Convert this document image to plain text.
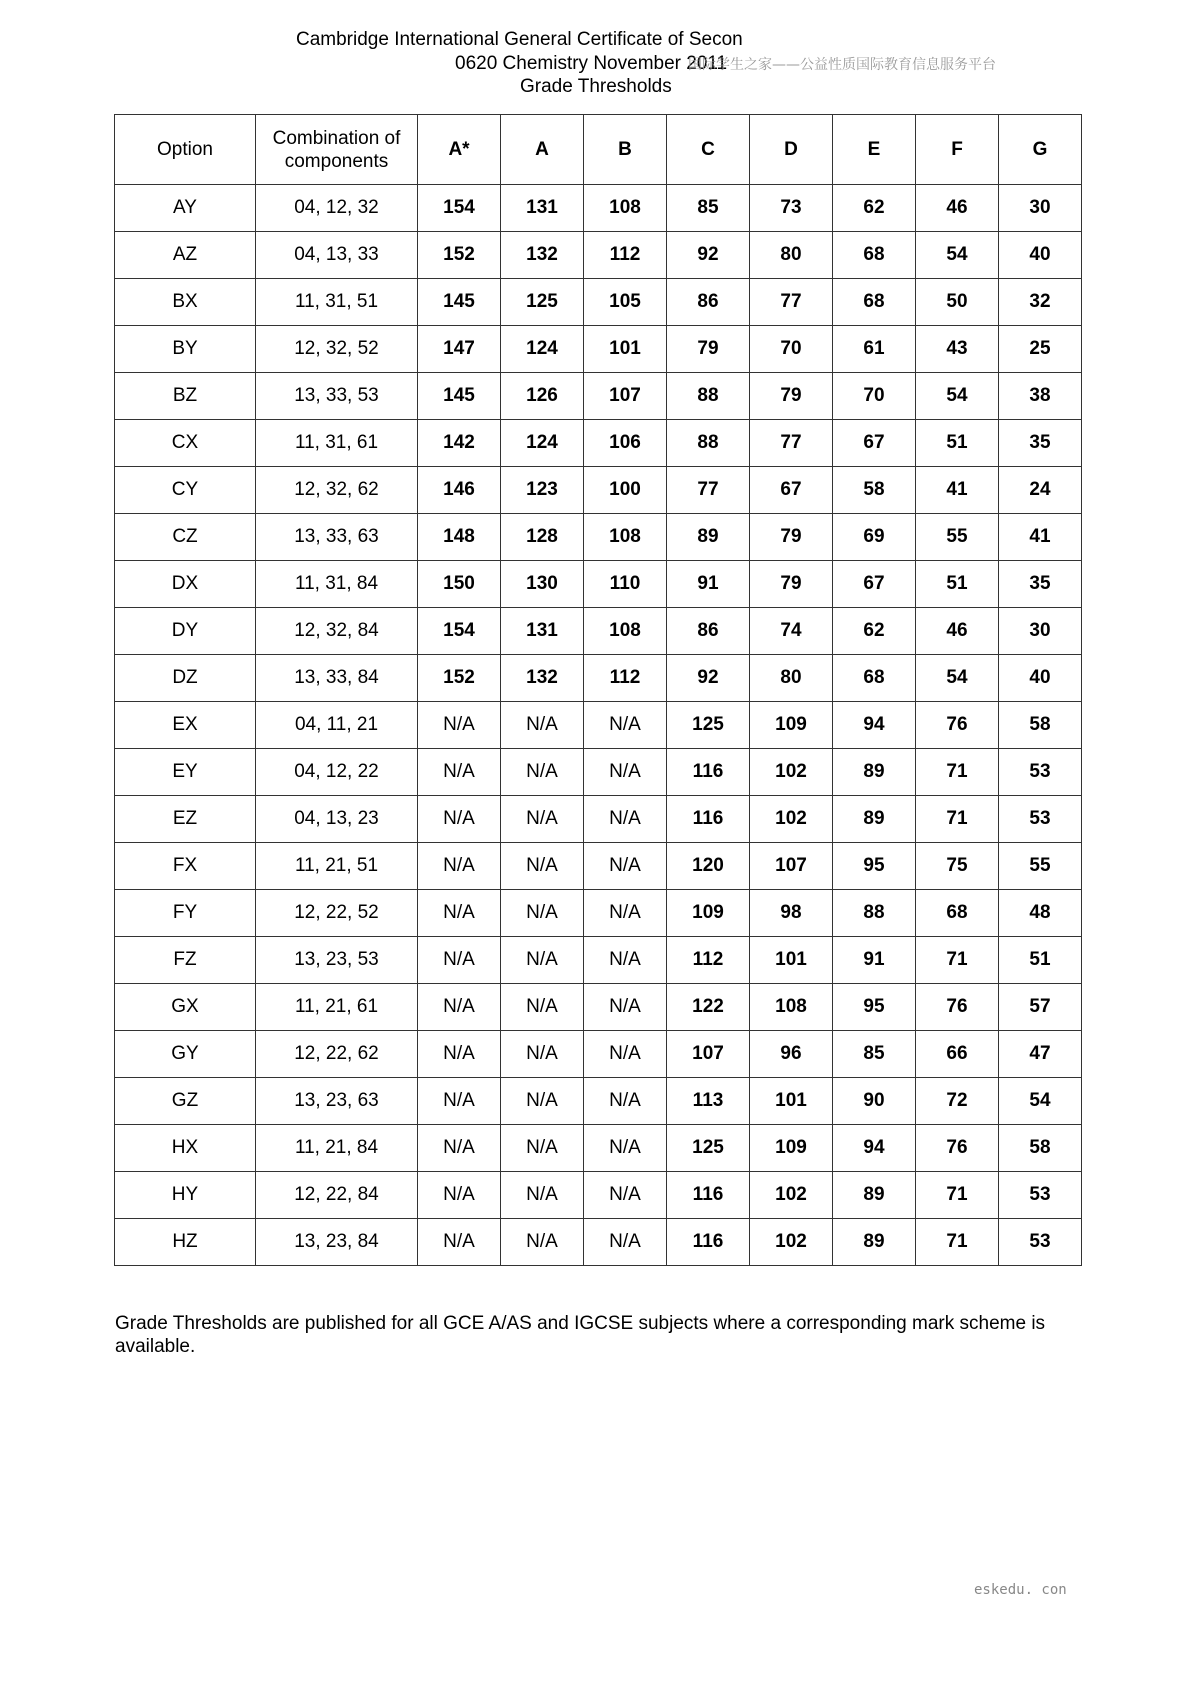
Cambridge International General Certificate of Secon
0620 Chemistry November 2011
Grade Thresholds
国际学生之家——公益性质国际教育信息服务平台
Option	Combination of components	A*	A	B	C	D	E	F	G
AY	04, 12, 32	154	131	108	85	73	62	46	30
AZ	04, 13, 33	152	132	112	92	80	68	54	40
BX	11, 31, 51	145	125	105	86	77	68	50	32
BY	12, 32, 52	147	124	101	79	70	61	43	25
BZ	13, 33, 53	145	126	107	88	79	70	54	38
CX	11, 31, 61	142	124	106	88	77	67	51	35
CY	12, 32, 62	146	123	100	77	67	58	41	24
CZ	13, 33, 63	148	128	108	89	79	69	55	41
DX	11, 31, 84	150	130	110	91	79	67	51	35
DY	12, 32, 84	154	131	108	86	74	62	46	30
DZ	13, 33, 84	152	132	112	92	80	68	54	40
EX	04, 11, 21	N/A	N/A	N/A	125	109	94	76	58
EY	04, 12, 22	N/A	N/A	N/A	116	102	89	71	53
EZ	04, 13, 23	N/A	N/A	N/A	116	102	89	71	53
FX	11, 21, 51	N/A	N/A	N/A	120	107	95	75	55
FY	12, 22, 52	N/A	N/A	N/A	109	98	88	68	48
FZ	13, 23, 53	N/A	N/A	N/A	112	101	91	71	51
GX	11, 21, 61	N/A	N/A	N/A	122	108	95	76	57
GY	12, 22, 62	N/A	N/A	N/A	107	96	85	66	47
GZ	13, 23, 63	N/A	N/A	N/A	113	101	90	72	54
HX	11, 21, 84	N/A	N/A	N/A	125	109	94	76	58
HY	12, 22, 84	N/A	N/A	N/A	116	102	89	71	53
HZ	13, 23, 84	N/A	N/A	N/A	116	102	89	71	53
Grade Thresholds are published for all GCE A/AS and IGCSE subjects where a corresponding mark scheme is available.
eskedu. con
